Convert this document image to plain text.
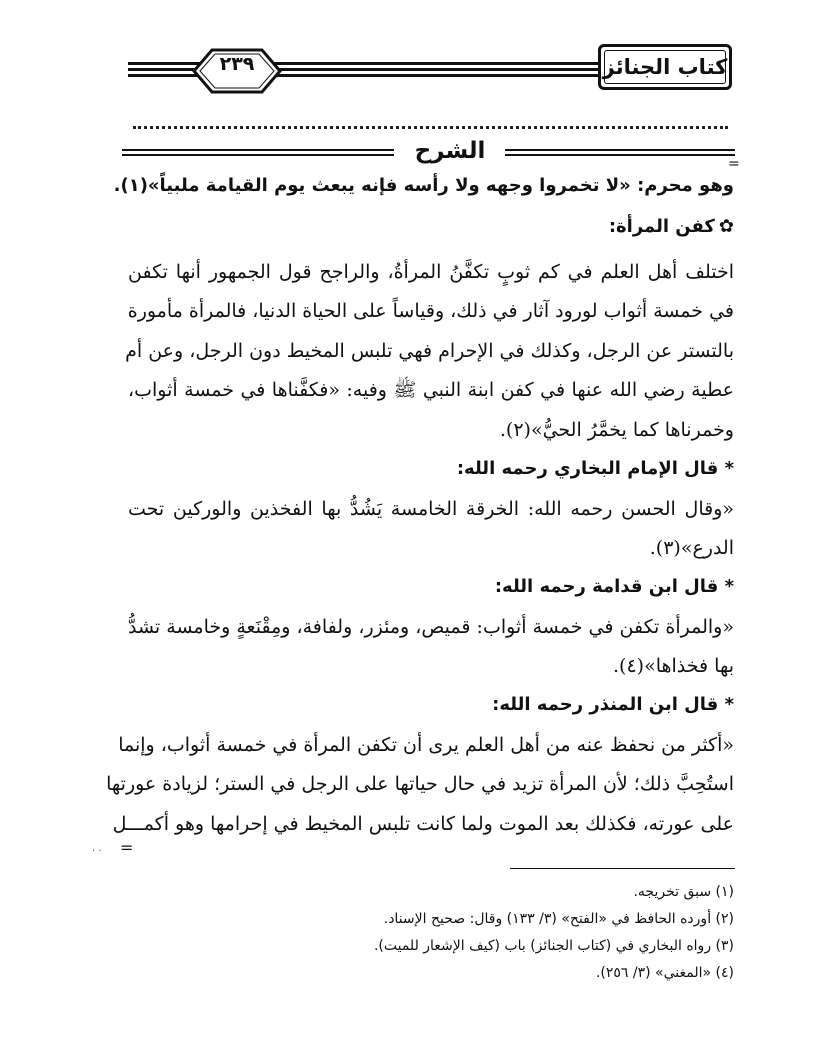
٢٣٩	كتاب الجنائز
الشرح	=
وهو محرم: «لا تخمروا وجهه ولا رأسه فإنه يبعث يوم القيامة ملبياً»(١).
✿كفن المرأة:
اختلف أهل العلم في كم ثوبٍ تكفَّنُ المرأةُ، والراجح قول الجمهور أنها تكفن
في خمسة أثواب لورود آثار في ذلك، وقياساً على الحياة الدنيا، فالمرأة مأمورة
بالتستر عن الرجل، وكذلك في الإحرام فهي تلبس المخيط دون الرجل، وعن أم
عطية رضي الله عنها في كفن ابنة النبي ﷺ وفيه: «فكفَّناها في خمسة أثواب،
وخمرناها كما يخمَّرُ الحيُّ»(٢).
* قال الإمام البخاري رحمه الله:
«وقال الحسن رحمه الله: الخرقة الخامسة يَشُدُّ بها الفخذين والوركين تحت
الدرع»(٣).
* قال ابن قدامة رحمه الله:
«والمرأة تكفن في خمسة أثواب: قميص، ومئزر، ولفافة، ومِقْنَعةٍ وخامسة تشدُّ
بها فخذاها»(٤).
* قال ابن المنذر رحمه الله:
«أكثر من نحفظ عنه من أهل العلم يرى أن تكفن المرأة في خمسة أثواب، وإنما
استُحِبَّ ذلك؛ لأن المرأة تزيد في حال حياتها على الرجل في الستر؛ لزيادة عورتها
على عورته، فكذلك بعد الموت ولما كانت تلبس المخيط في إحرامها وهو أكمـــل
=
· ·
(١) سبق تخريجه.
(٢) أورده الحافظ في «الفتح» (٣/ ١٣٣) وقال: صحيح الإسناد.
(٣) رواه البخاري في (كتاب الجنائز) باب (كيف الإشعار للميت).
(٤) «المغني» (٣/ ٢٥٦).
